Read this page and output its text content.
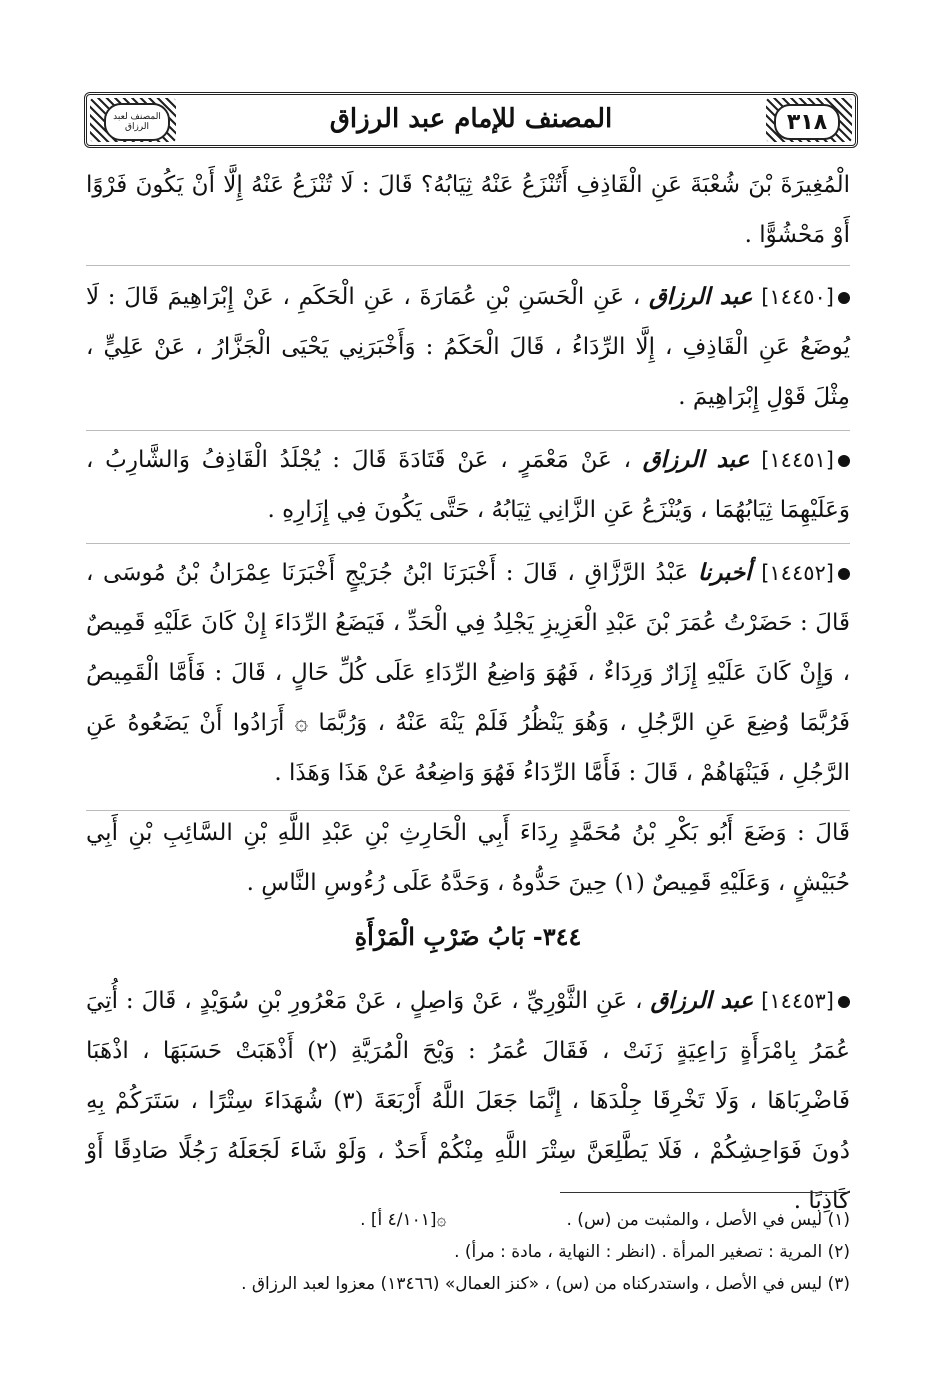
المصنف لعبد الرزاق	المصنف للإمام عبد الرزاق	٣١٨

الْمُغِيرَةَ بْنَ شُعْبَةَ عَنِ الْقَاذِفِ أَتُنْزَعُ عَنْهُ ثِيَابُهُ؟ قَالَ : لَا تُنْزَعُ عَنْهُ إِلَّا أَنْ يَكُونَ فَرْوًا أَوْ مَحْشُوًّا .

[١٤٤٥٠] عبد الرزاق ، عَنِ الْحَسَنِ بْنِ عُمَارَةَ ، عَنِ الْحَكَمِ ، عَنْ إِبْرَاهِيمَ قَالَ : لَا يُوضَعُ عَنِ الْقَاذِفِ ، إِلَّا الرِّدَاءُ ، قَالَ الْحَكَمُ : وَأَخْبَرَنِي يَحْيَى الْجَزَّارُ ، عَنْ عَلِيٍّ ، مِثْلَ قَوْلِ إِبْرَاهِيمَ .

[١٤٤٥١] عبد الرزاق ، عَنْ مَعْمَرٍ ، عَنْ قَتَادَةَ قَالَ : يُجْلَدُ الْقَاذِفُ وَالشَّارِبُ ، وَعَلَيْهِمَا ثِيَابُهُمَا ، وَيُنْزَعُ عَنِ الزَّانِي ثِيَابُهُ ، حَتَّى يَكُونَ فِي إِزَارِهِ .

[١٤٤٥٢] أخبرنا عَبْدُ الرَّزَّاقِ ، قَالَ : أَخْبَرَنَا ابْنُ جُرَيْجٍ أَخْبَرَنَا عِمْرَانُ بْنُ مُوسَى ، قَالَ : حَضَرْتُ عُمَرَ بْنَ عَبْدِ الْعَزِيزِ يَجْلِدُ فِي الْحَدِّ ، فَيَضَعُ الرِّدَاءَ إِنْ كَانَ عَلَيْهِ قَمِيصٌ ، وَإِنْ كَانَ عَلَيْهِ إِزَارٌ وَرِدَاءٌ ، فَهُوَ وَاضِعُ الرِّدَاءِ عَلَى كُلِّ حَالٍ ، قَالَ : فَأَمَّا الْقَمِيصُ فَرُبَّمَا وُضِعَ عَنِ الرَّجُلِ ، وَهُوَ يَنْظُرُ فَلَمْ يَنْهَ عَنْهُ ، وَرُبَّمَا ۞ أَرَادُوا أَنْ يَضَعُوهُ عَنِ الرَّجُلِ ، فَيَنْهَاهُمْ ، قَالَ : فَأَمَّا الرِّدَاءُ فَهُوَ وَاضِعُهُ عَنْ هَذَا وَهَذَا .

قَالَ : وَضَعَ أَبُو بَكْرِ بْنُ مُحَمَّدٍ رِدَاءَ أَبِي الْحَارِثِ بْنِ عَبْدِ اللَّهِ بْنِ السَّائِبِ بْنِ أَبِي حُبَيْشٍ ، وَعَلَيْهِ قَمِيصٌ (١) حِينَ حَدُّوهُ ، وَحَدَّهُ عَلَى رُءُوسِ النَّاسِ .

٣٤٤- بَابُ ضَرْبِ الْمَرْأَةِ

[١٤٤٥٣] عبد الرزاق ، عَنِ الثَّوْرِيِّ ، عَنْ وَاصِلٍ ، عَنْ مَعْرُورِ بْنِ سُوَيْدٍ ، قَالَ : أُتِيَ عُمَرُ بِامْرَأَةٍ رَاعِيَةٍ زَنَتْ ، فَقَالَ عُمَرُ : وَيْحَ الْمُرَيَّةِ (٢) أَذْهَبَتْ حَسَبَهَا ، اذْهَبَا فَاضْرِبَاهَا ، وَلَا تَخْرِقَا جِلْدَهَا ، إِنَّمَا جَعَلَ اللَّهُ أَرْبَعَةَ (٣) شُهَدَاءَ سِتْرًا ، سَتَرَكُمْ بِهِ دُونَ فَوَاحِشِكُمْ ، فَلَا يَطَّلِعَنَّ سِتْرَ اللَّهِ مِنْكُمْ أَحَدٌ ، وَلَوْ شَاءَ لَجَعَلَهُ رَجُلًا صَادِقًا أَوْ كَاذِبًا .

(١) ليس في الأصل ، والمثبت من (س) .
۞[٤/١٠١ أ] .
(٢) المرية : تصغير المرأة . (انظر : النهاية ، مادة : مرأ) .
(٣) ليس في الأصل ، واستدركناه من (س) ، «كنز العمال» (١٣٤٦٦) معزوا لعبد الرزاق .
